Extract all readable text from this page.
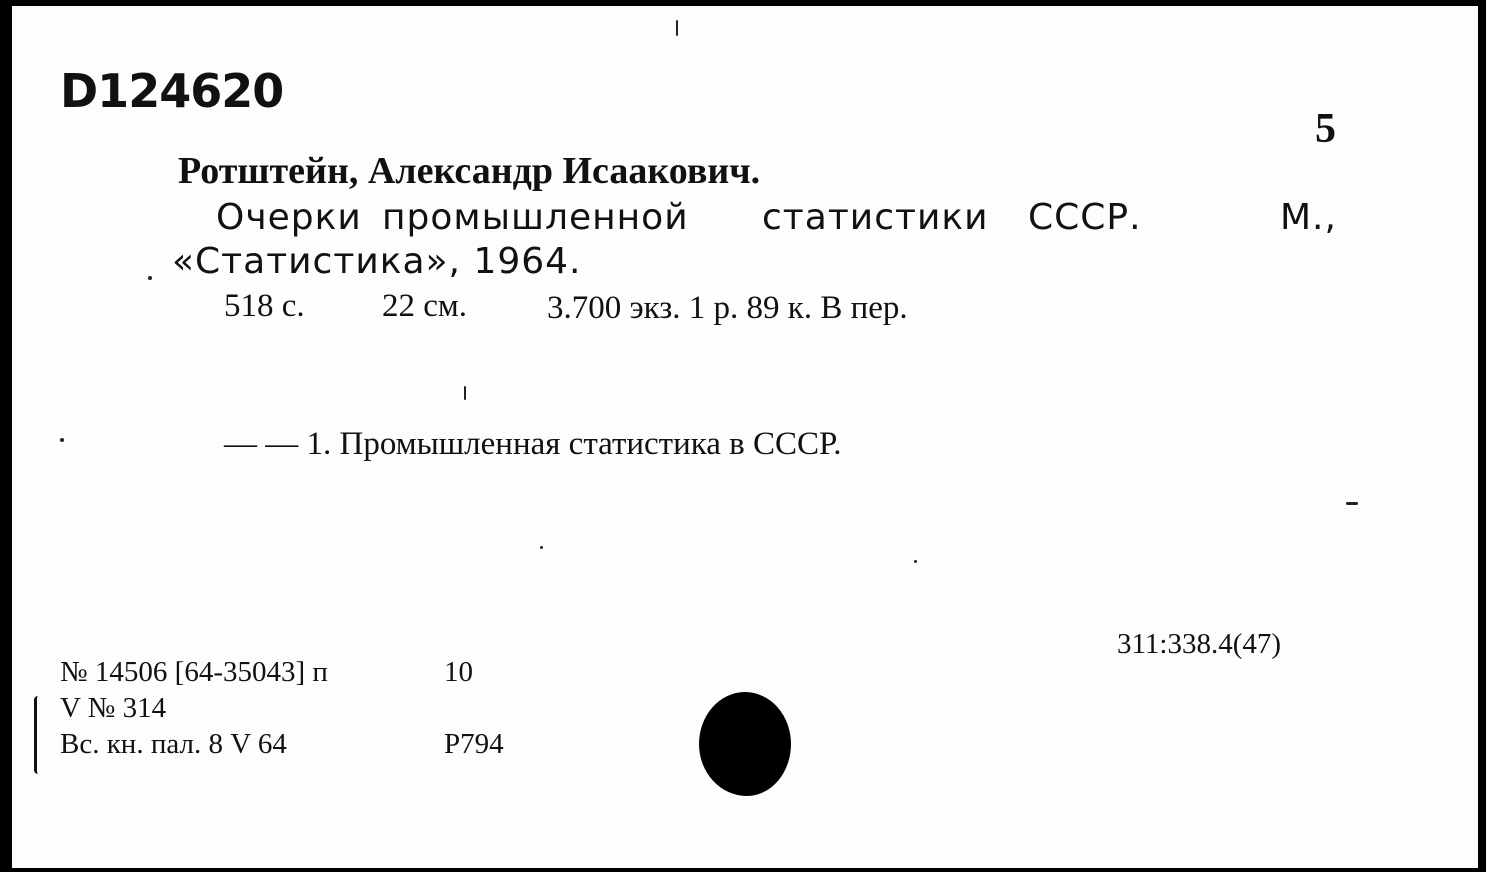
D124620
5
Ротштейн, Александр Исаакович.
Очерки промышленной статистики СССР.	М.,
«Статистика», 1964.
518 с. 22 см. 3.700 экз. 1 р. 89 к. В пер.
— — 1. Промышленная статистика в СССР.
311:338.4(47)
№ 14506 [64-35043] п	10
V № 314
Вс. кн. пал. 8 V 64	Р794
